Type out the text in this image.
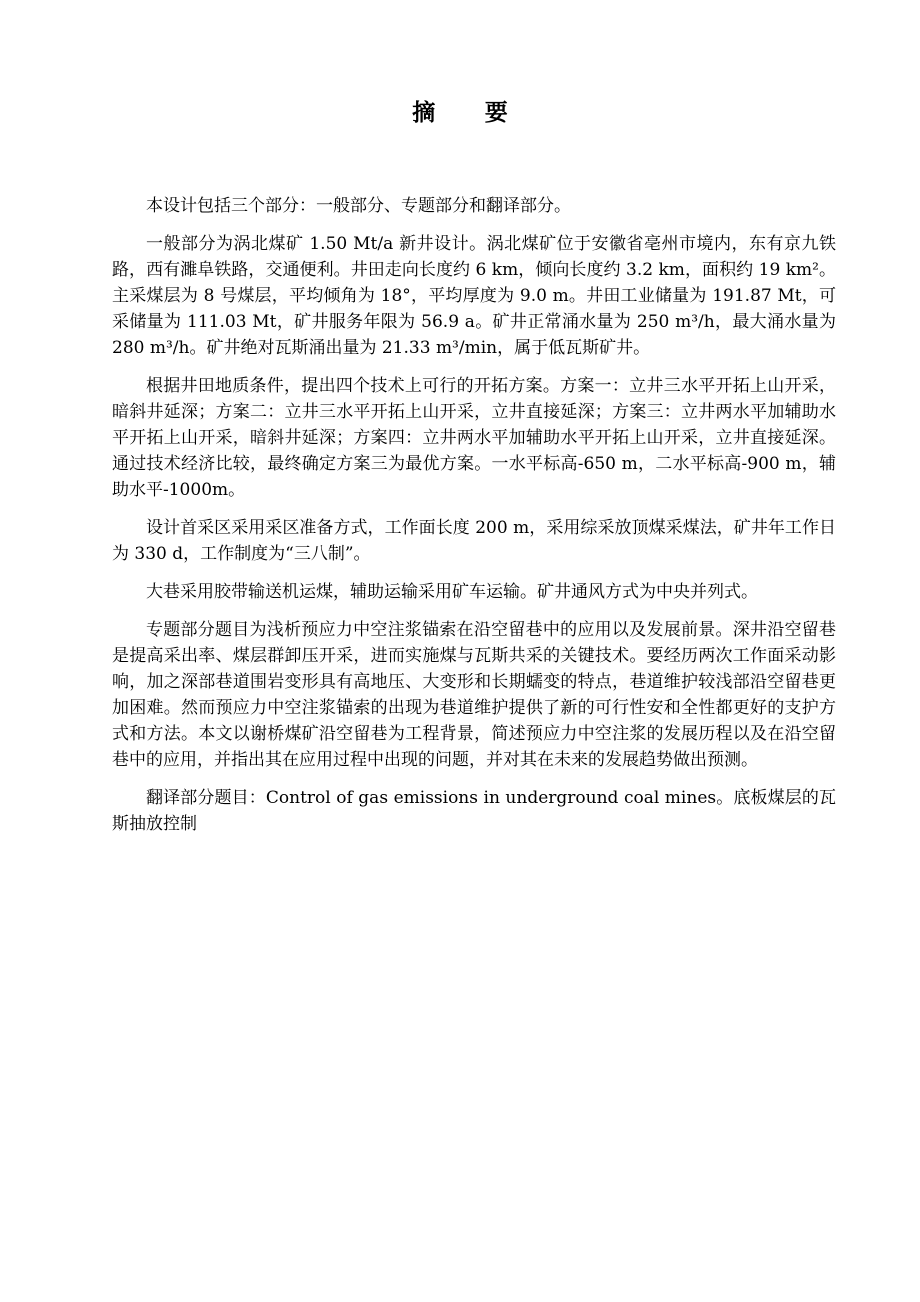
摘 要

本设计包括三个部分：一般部分、专题部分和翻译部分。

一般部分为涡北煤矿 1.50 Mt/a 新井设计。涡北煤矿位于安徽省亳州市境内，东有京九铁路，西有濉阜铁路，交通便利。井田走向长度约 6 km，倾向长度约 3.2 km，面积约 19 km²。主采煤层为 8 号煤层，平均倾角为 18°，平均厚度为 9.0 m。井田工业储量为 191.87 Mt，可采储量为 111.03 Mt，矿井服务年限为 56.9 a。矿井正常涌水量为 250 m³/h，最大涌水量为 280 m³/h。矿井绝对瓦斯涌出量为 21.33 m³/min，属于低瓦斯矿井。

根据井田地质条件，提出四个技术上可行的开拓方案。方案一：立井三水平开拓上山开采，暗斜井延深；方案二：立井三水平开拓上山开采，立井直接延深；方案三：立井两水平加辅助水平开拓上山开采，暗斜井延深；方案四：立井两水平加辅助水平开拓上山开采，立井直接延深。通过技术经济比较，最终确定方案三为最优方案。一水平标高-650 m，二水平标高-900 m，辅助水平-1000m。

设计首采区采用采区准备方式，工作面长度 200 m，采用综采放顶煤采煤法，矿井年工作日为 330 d，工作制度为“三八制”。

大巷采用胶带输送机运煤，辅助运输采用矿车运输。矿井通风方式为中央并列式。

专题部分题目为浅析预应力中空注浆锚索在沿空留巷中的应用以及发展前景。深井沿空留巷是提高采出率、煤层群卸压开采，进而实施煤与瓦斯共采的关键技术。要经历两次工作面采动影响，加之深部巷道围岩变形具有高地压、大变形和长期蠕变的特点，巷道维护较浅部沿空留巷更加困难。然而预应力中空注浆锚索的出现为巷道维护提供了新的可行性安和全性都更好的支护方式和方法。本文以谢桥煤矿沿空留巷为工程背景，简述预应力中空注浆的发展历程以及在沿空留巷中的应用，并指出其在应用过程中出现的问题，并对其在未来的发展趋势做出预测。

翻译部分题目：Control of gas emissions in underground coal mines。底板煤层的瓦斯抽放控制
